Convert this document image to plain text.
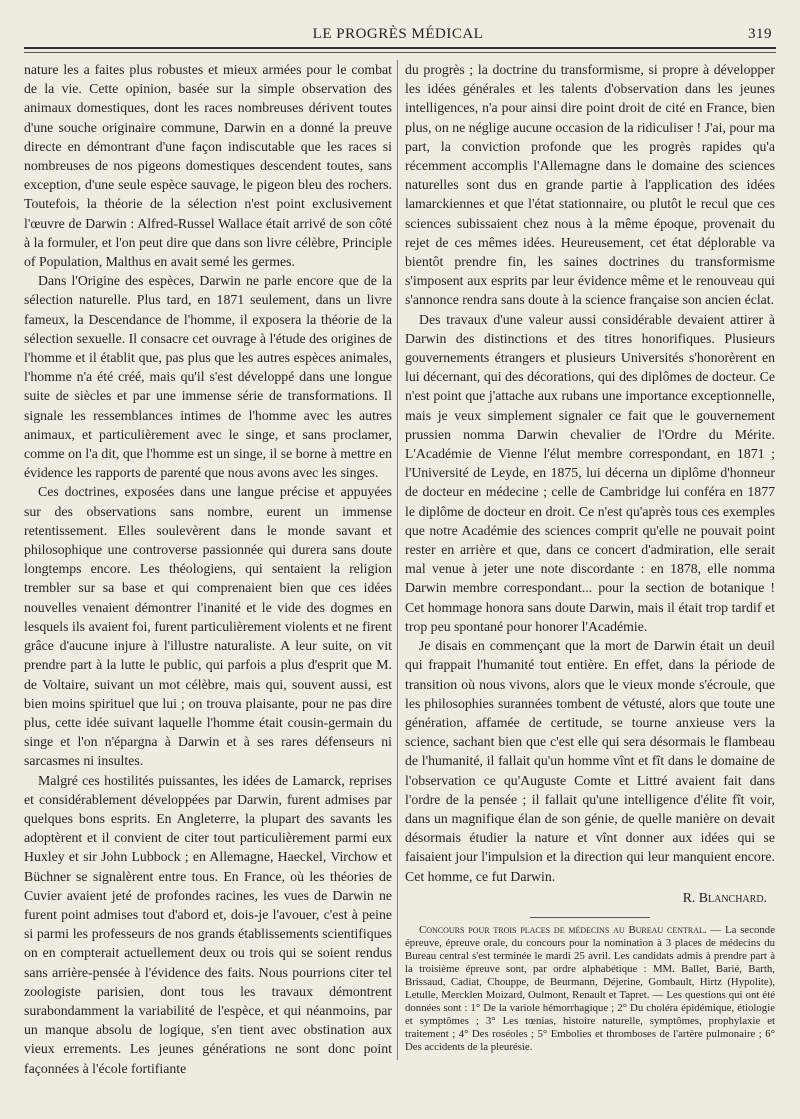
LE PROGRÈS MÉDICAL	319

nature les a faites plus robustes et mieux armées pour le combat de la vie. Cette opinion, basée sur la simple observation des animaux domestiques, dont les races nombreuses dérivent toutes d'une souche originaire commune, Darwin en a donné la preuve directe en démontrant d'une façon indiscutable que les races si nombreuses de nos pigeons domestiques descendent toutes, sans exception, d'une seule espèce sauvage, le pigeon bleu des rochers. Toutefois, la théorie de la sélection n'est point exclusivement l'œuvre de Darwin : Alfred-Russel Wallace était arrivé de son côté à la formuler, et l'on peut dire que dans son livre célèbre, Principle of Population, Malthus en avait semé les germes.

Dans l'Origine des espèces, Darwin ne parle encore que de la sélection naturelle. Plus tard, en 1871 seulement, dans un livre fameux, la Descendance de l'homme, il exposera la théorie de la sélection sexuelle. Il consacre cet ouvrage à l'étude des origines de l'homme et il établit que, pas plus que les autres espèces animales, l'homme n'a été créé, mais qu'il s'est développé dans une longue suite de siècles et par une immense série de transformations. Il signale les ressemblances intimes de l'homme avec les autres animaux, et particulièrement avec le singe, et sans proclamer, comme on l'a dit, que l'homme est un singe, il se borne à mettre en évidence les rapports de parenté que nous avons avec les singes.

Ces doctrines, exposées dans une langue précise et appuyées sur des observations sans nombre, eurent un immense retentissement. Elles soulevèrent dans le monde savant et philosophique une controverse passionnée qui durera sans doute longtemps encore. Les théologiens, qui sentaient la religion trembler sur sa base et qui comprenaient bien que ces idées nouvelles venaient démontrer l'inanité et le vide des dogmes en lesquels ils avaient foi, furent particulièrement violents et ne firent grâce d'aucune injure à l'illustre naturaliste. A leur suite, on vit prendre part à la lutte le public, qui parfois a plus d'esprit que M. de Voltaire, suivant un mot célèbre, mais qui, souvent aussi, est bien moins spirituel que lui ; on trouva plaisante, pour ne pas dire plus, cette idée suivant laquelle l'homme était cousin-germain du singe et l'on n'épargna à Darwin et à ses rares défenseurs ni sarcasmes ni insultes.

Malgré ces hostilités puissantes, les idées de Lamarck, reprises et considérablement développées par Darwin, furent admises par quelques bons esprits. En Angleterre, la plupart des savants les adoptèrent et il convient de citer tout particulièrement parmi eux Huxley et sir John Lubbock ; en Allemagne, Haeckel, Virchow et Büchner se signalèrent entre tous. En France, où les théories de Cuvier avaient jeté de profondes racines, les vues de Darwin ne furent point admises tout d'abord et, dois-je l'avouer, c'est à peine si parmi les professeurs de nos grands établissements scientifiques on en compterait actuellement deux ou trois qui se soient rendus sans arrière-pensée à l'évidence des faits. Nous pourrions citer tel zoologiste parisien, dont tous les travaux démontrent surabondamment la variabilité de l'espèce, et qui néanmoins, par un manque absolu de logique, s'en tient avec obstination aux vieux errements. Les jeunes générations ne sont donc point façonnées à l'école fortifiante

du progrès ; la doctrine du transformisme, si propre à développer les idées générales et les talents d'observation dans les jeunes intelligences, n'a pour ainsi dire point droit de cité en France, bien plus, on ne néglige aucune occasion de la ridiculiser ! J'ai, pour ma part, la conviction profonde que les progrès rapides qu'a récemment accomplis l'Allemagne dans le domaine des sciences naturelles sont dus en grande partie à l'application des idées lamarckiennes et que l'état stationnaire, ou plutôt le recul que ces sciences subissaient chez nous à la même époque, provenait du rejet de ces mêmes idées. Heureusement, cet état déplorable va bientôt prendre fin, les saines doctrines du transformisme s'imposent aux esprits par leur évidence même et le renouveau qui s'annonce rendra sans doute à la science française son ancien éclat.

Des travaux d'une valeur aussi considérable devaient attirer à Darwin des distinctions et des titres honorifiques. Plusieurs gouvernements étrangers et plusieurs Universités s'honorèrent en lui décernant, qui des décorations, qui des diplômes de docteur. Ce n'est point que j'attache aux rubans une importance exceptionnelle, mais je veux simplement signaler ce fait que le gouvernement prussien nomma Darwin chevalier de l'Ordre du Mérite. L'Académie de Vienne l'élut membre correspondant, en 1871 ; l'Université de Leyde, en 1875, lui décerna un diplôme d'honneur de docteur en médecine ; celle de Cambridge lui conféra en 1877 le diplôme de docteur en droit. Ce n'est qu'après tous ces exemples que notre Académie des sciences comprit qu'elle ne pouvait point rester en arrière et que, dans ce concert d'admiration, elle serait mal venue à jeter une note discordante : en 1878, elle nomma Darwin membre correspondant... pour la section de botanique ! Cet hommage honora sans doute Darwin, mais il était trop tardif et trop peu spontané pour honorer l'Académie.

Je disais en commençant que la mort de Darwin était un deuil qui frappait l'humanité tout entière. En effet, dans la période de transition où nous vivons, alors que le vieux monde s'écroule, que les philosophies surannées tombent de vétusté, alors que toute une génération, affamée de certitude, se tourne anxieuse vers la science, sachant bien que c'est elle qui sera désormais le flambeau de l'humanité, il fallait qu'un homme vînt et fît dans le domaine de l'observation ce qu'Auguste Comte et Littré avaient fait dans l'ordre de la pensée ; il fallait qu'une intelligence d'élite fît voir, dans un magnifique élan de son génie, de quelle manière on devait désormais étudier la nature et vînt donner aux idées qui se faisaient jour l'impulsion et la direction qui leur manquient encore. Cet homme, ce fut Darwin.

R. Blanchard.

Concours pour trois places de médecins au Bureau central. — La seconde épreuve, épreuve orale, du concours pour la nomination à 3 places de médecins du Bureau central s'est terminée le mardi 25 avril. Les candidats admis à prendre part à la troisième épreuve sont, par ordre alphabétique : MM. Ballet, Barié, Barth, Brissaud, Cadiat, Chouppe, de Beurmann, Déjerine, Gombault, Hirtz (Hypolite), Letulle, Mercklen Moizard, Oulmont, Renault et Tapret. — Les questions qui ont été données sont : 1° De la variole hémorrhagique ; 2° Du choléra épidémique, étiologie et symptômes ; 3° Les tœnias, histoire naturelle, symptômes, prophylaxie et traitement ; 4° Des roséoles ; 5° Embolies et thromboses de l'artère pulmonaire ; 6° Des accidents de la pleurésie.
